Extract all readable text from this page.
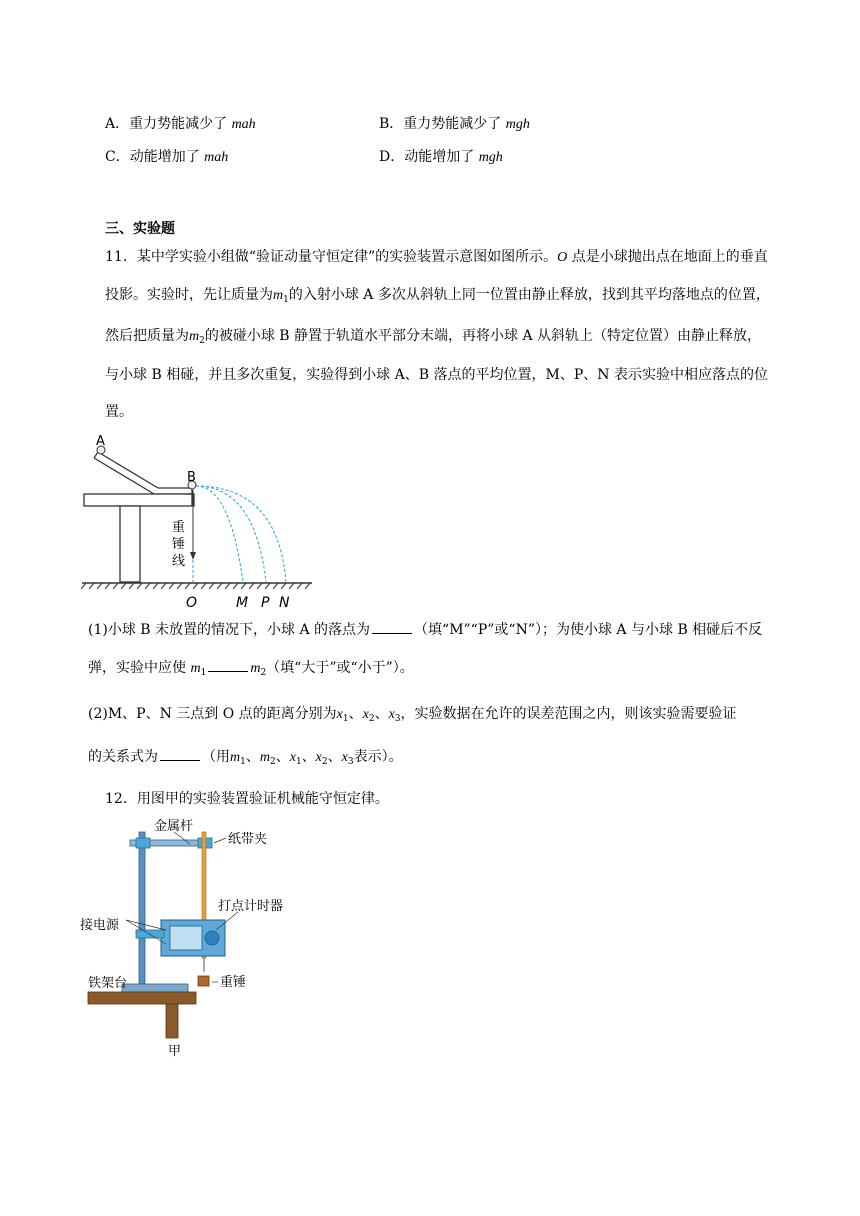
A．重力势能减少了 mah	B．重力势能减少了 mgh
C．动能增加了 mah	D．动能增加了 mgh
三、实验题
11．某中学实验小组做“验证动量守恒定律”的实验装置示意图如图所示。O 点是小球抛出点在地面上的垂直
投影。实验时，先让质量为$m_1$的入射小球 A 多次从斜轨上同一位置由静止释放，找到其平均落地点的位置，
然后把质量为$m_2$的被碰小球 B 静置于轨道水平部分末端，再将小球 A 从斜轨上（特定位置）由静止释放，
与小球 B 相碰，并且多次重复，实验得到小球 A、B 落点的平均位置，M、P、N 表示实验中相应落点的位
置。
A
B
重
锤
线
O	M P N
(1)小球 B 未放置的情况下，小球 A 的落点为	（填“M”“P”或“N”）；为使小球 A 与小球 B 相碰后不反
弹，实验中应使 $m_1$	$m_2$（填“大于”或“小于”）。
(2)M、P、N 三点到 O 点的距离分别为$x_1$、$x_2$、$x_3$，实验数据在允许的误差范围之内，则该实验需要验证
的关系式为	（用$m_1$、$m_2$、$x_1$、$x_2$、$x_3$表示）。
12．用图甲的实验装置验证机械能守恒定律。
金属杆
纸带夹
打点计时器
接电源
铁架台	重锤
甲
